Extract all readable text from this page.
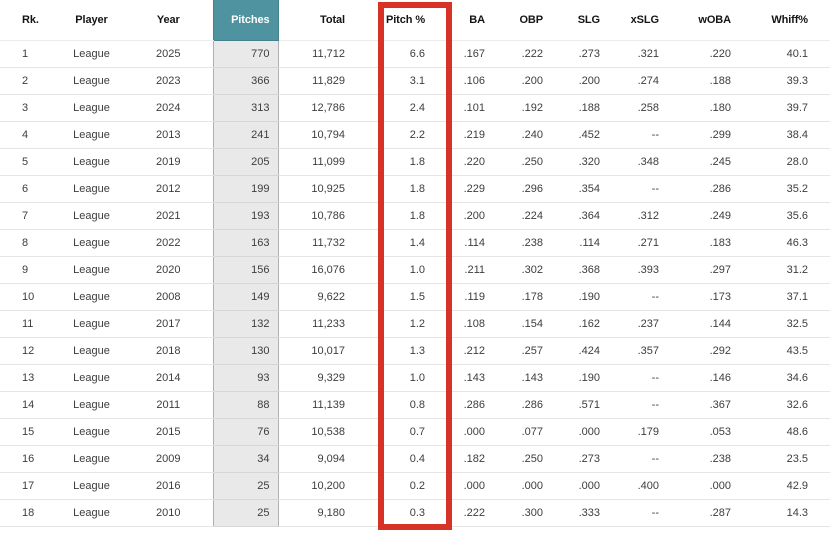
Rk.	Player	Year	Pitches	Total	Pitch %	BA	OBP	SLG	xSLG	wOBA	Whiff%
1	League	2025	770	11,712	6.6	.167	.222	.273	.321	.220	40.1
2	League	2023	366	11,829	3.1	.106	.200	.200	.274	.188	39.3
3	League	2024	313	12,786	2.4	.101	.192	.188	.258	.180	39.7
4	League	2013	241	10,794	2.2	.219	.240	.452	--	.299	38.4
5	League	2019	205	11,099	1.8	.220	.250	.320	.348	.245	28.0
6	League	2012	199	10,925	1.8	.229	.296	.354	--	.286	35.2
7	League	2021	193	10,786	1.8	.200	.224	.364	.312	.249	35.6
8	League	2022	163	11,732	1.4	.114	.238	.114	.271	.183	46.3
9	League	2020	156	16,076	1.0	.211	.302	.368	.393	.297	31.2
10	League	2008	149	9,622	1.5	.119	.178	.190	--	.173	37.1
11	League	2017	132	11,233	1.2	.108	.154	.162	.237	.144	32.5
12	League	2018	130	10,017	1.3	.212	.257	.424	.357	.292	43.5
13	League	2014	93	9,329	1.0	.143	.143	.190	--	.146	34.6
14	League	2011	88	11,139	0.8	.286	.286	.571	--	.367	32.6
15	League	2015	76	10,538	0.7	.000	.077	.000	.179	.053	48.6
16	League	2009	34	9,094	0.4	.182	.250	.273	--	.238	23.5
17	League	2016	25	10,200	0.2	.000	.000	.000	.400	.000	42.9
18	League	2010	25	9,180	0.3	.222	.300	.333	--	.287	14.3
